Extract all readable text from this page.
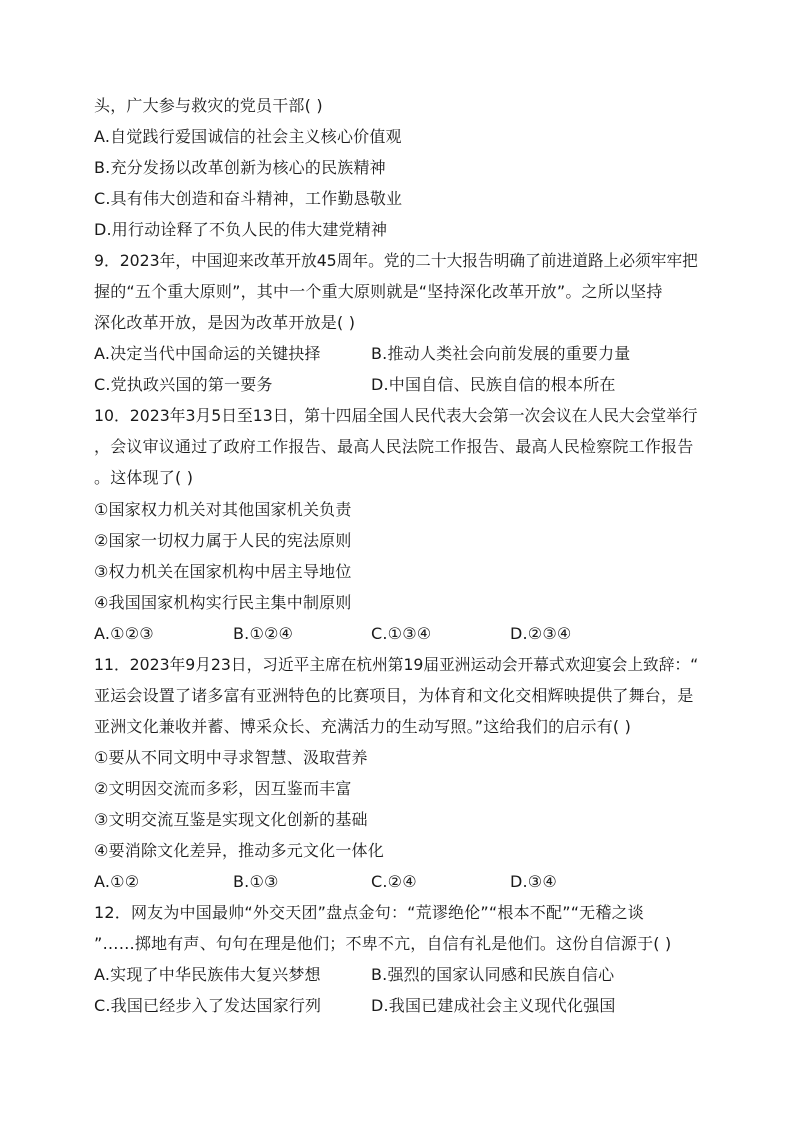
头，广大参与救灾的党员干部( )
A.自觉践行爱国诚信的社会主义核心价值观
B.充分发扬以改革创新为核心的民族精神
C.具有伟大创造和奋斗精神，工作勤恳敬业
D.用行动诠释了不负人民的伟大建党精神
9．2023年，中国迎来改革开放45周年。党的二十大报告明确了前进道路上必须牢牢把
握的“五个重大原则”，其中一个重大原则就是“坚持深化改革开放”。之所以坚持
深化改革开放，是因为改革开放是( )
A.决定当代中国命运的关键抉择	B.推动人类社会向前发展的重要力量
C.党执政兴国的第一要务	D.中国自信、民族自信的根本所在
10．2023年3月5日至13日，第十四届全国人民代表大会第一次会议在人民大会堂举行
，会议审议通过了政府工作报告、最高人民法院工作报告、最高人民检察院工作报告
。这体现了( )
①国家权力机关对其他国家机关负责
②国家一切权力属于人民的宪法原则
③权力机关在国家机构中居主导地位
④我国国家机构实行民主集中制原则
A.①②③	B.①②④	C.①③④	D.②③④
11．2023年9月23日，习近平主席在杭州第19届亚洲运动会开幕式欢迎宴会上致辞：“
亚运会设置了诸多富有亚洲特色的比赛项目，为体育和文化交相辉映提供了舞台，是
亚洲文化兼收并蓄、博采众长、充满活力的生动写照。”这给我们的启示有( )
①要从不同文明中寻求智慧、汲取营养
②文明因交流而多彩，因互鉴而丰富
③文明交流互鉴是实现文化创新的基础
④要消除文化差异，推动多元文化一体化
A.①②	B.①③	C.②④	D.③④
12．网友为中国最帅“外交天团”盘点金句：“荒谬绝伦”“根本不配”“无稽之谈
”……掷地有声、句句在理是他们；不卑不亢，自信有礼是他们。这份自信源于( )
A.实现了中华民族伟大复兴梦想	B.强烈的国家认同感和民族自信心
C.我国已经步入了发达国家行列	D.我国已建成社会主义现代化强国
